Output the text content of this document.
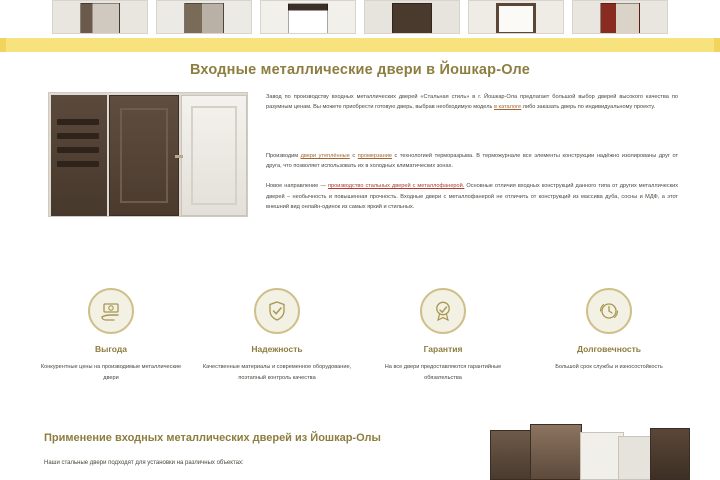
Входные металлические двери в Йошкар-Оле

Завод по производству входных металлических дверей «Стальная стиль» в г. Йошкар-Ола предлагает большой выбор дверей высокого качества по разумным ценам. Вы можете приобрести готовую дверь, выбрав необходимую модель в каталоге либо заказать дверь по индивидуальному проекту.

Производим двери утеплённые с промерзание с технологией терморазрыва. В терможурнале все элементы конструкции надёжно изолированы друг от друга, что позволяет использовать их в холодных климатических зонах.

Новое направление — производство стальных дверей с металлофанерой. Основные отличия входных конструкций данного типа от других металлических дверей – необычность и повышенная прочность. Входные двери с металлофанерой не отличить от конструкций из массива дуба, сосны и МДФ, а этот внешний вид онлайн-одинок из самых яркий и стильных.

Выгода
Конкурентные цены на производимые металлические двери
Надежность
Качественные материалы и современное оборудование, поэтапный контроль качества
Гарантия
На все двери предоставляются гарантийные обязательства
Долговечность
Большой срок службы и износостойкость
Применение входных металлических дверей из Йошкар-Олы
Наши стальные двери подходят для установки на различных объектах:
